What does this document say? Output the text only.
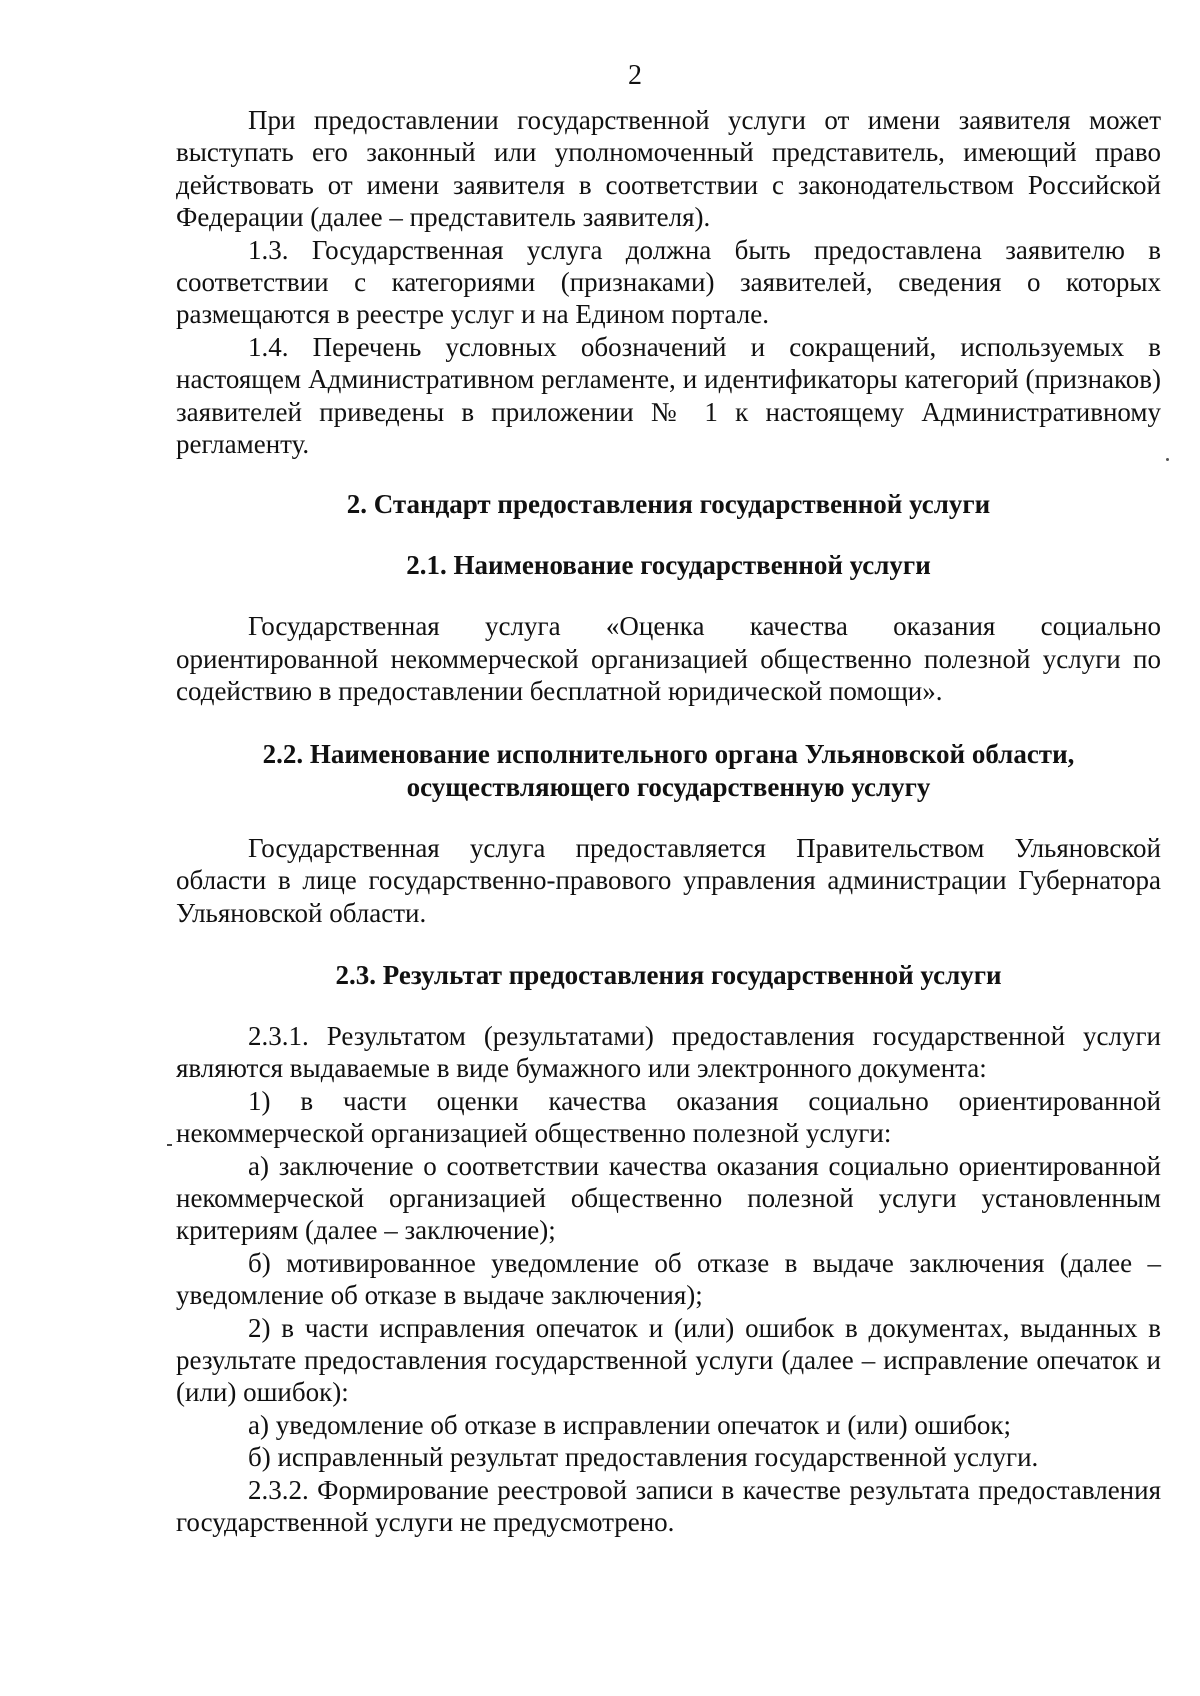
2

При предоставлении государственной услуги от имени заявителя может выступать его законный или уполномоченный представитель, имеющий право действовать от имени заявителя в соответствии с законодательством Российской Федерации (далее – представитель заявителя).

1.3. Государственная услуга должна быть предоставлена заявителю в соответствии с категориями (признаками) заявителей, сведения о которых размещаются в реестре услуг и на Едином портале.

1.4. Перечень условных обозначений и сокращений, используемых в настоящем Административном регламенте, и идентификаторы категорий (признаков) заявителей приведены в приложении № 1 к настоящему Административному регламенту.

2. Стандарт предоставления государственной услуги
2.1. Наименование государственной услуги

Государственная услуга «Оценка качества оказания социально ориентированной некоммерческой организацией общественно полезной услуги по содействию в предоставлении бесплатной юридической помощи».

2.2. Наименование исполнительного органа Ульяновской области,
осуществляющего государственную услугу

Государственная услуга предоставляется Правительством Ульяновской области в лице государственно-правового управления администрации Губернатора Ульяновской области.

2.3. Результат предоставления государственной услуги

2.3.1. Результатом (результатами) предоставления государственной услуги являются выдаваемые в виде бумажного или электронного документа:

1) в части оценки качества оказания социально ориентированной некоммерческой организацией общественно полезной услуги:

а) заключение о соответствии качества оказания социально ориентированной некоммерческой организацией общественно полезной услуги установленным критериям (далее – заключение);

б) мотивированное уведомление об отказе в выдаче заключения (далее – уведомление об отказе в выдаче заключения);

2) в части исправления опечаток и (или) ошибок в документах, выданных в результате предоставления государственной услуги (далее – исправление опечаток и (или) ошибок):

а) уведомление об отказе в исправлении опечаток и (или) ошибок;

б) исправленный результат предоставления государственной услуги.

2.3.2. Формирование реестровой записи в качестве результата предоставления государственной услуги не предусмотрено.
